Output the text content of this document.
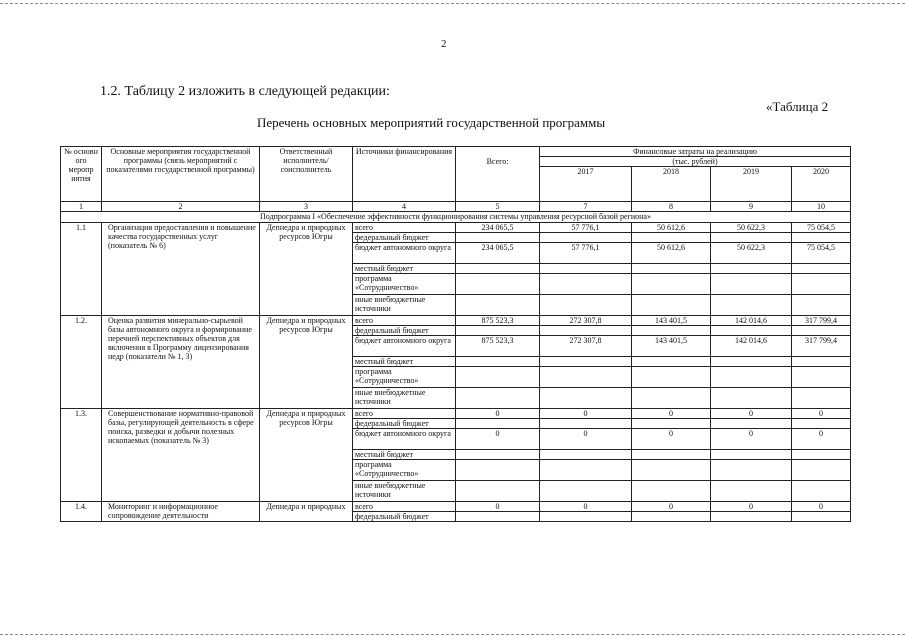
2
1.2. Таблицу 2 изложить в следующей редакции:
«Таблица 2
Перечень основных мероприятий государственной программы
№ основн ого меропр иятия	Основные мероприятия государственной программы (связь мероприятий с показателями государственной программы)	Ответственный исполнитель/ соисполнитель	Источники финансирования		Финансовые затраты на реализацию			
				Всего:	(тыс. рублей)			
					2017	2018	2019	2020
1	2	3	4	5	7	8	9	10
Подпрограмма I «Обеспечение эффективности функционирования системы управления ресурсной базой региона»								
1.1	Организация предоставления и повышение качества государственных услуг (показатель № 6)	Депнедра и природных ресурсов Югры	всего	234 065,5	57 776,1	50 612,6	50 622,3	75 054,5
			федеральный бюджет					
			бюджет автономного округа	234 065,5	57 776,1	50 612,6	50 622,3	75 054,5
			местный бюджет					
			программа «Сотрудничество»					
			иные внебюджетные источники					
1.2.	Оценка развития минерально-сырьевой базы автономного округа и формирование перечней перспективных объектов для включения в Программу лицензирования недр (показатели № 1, 3)	Депнедра и природных ресурсов Югры	всего	875 523,3	272 307,8	143 401,5	142 014,6	317 799,4
			федеральный бюджет					
			бюджет автономного округа	875 523,3	272 307,8	143 401,5	142 014,6	317 799,4
			местный бюджет					
			программа «Сотрудничество»					
			иные внебюджетные источники					
1.3.	Совершенствование нормативно-правовой базы, регулирующей деятельность в сфере поиска, разведки и добычи полезных ископаемых (показатель № 3)	Депнедра и природных ресурсов Югры	всего	0	0	0	0	0
			федеральный бюджет					
			бюджет автономного округа	0	0	0	0	0
			местный бюджет					
			программа «Сотрудничество»					
			иные внебюджетные источники					
1.4.	Мониторинг и информационное сопровождение деятельности	Депнедра и природных	всего	0	0	0	0	0
			федеральный бюджет					
